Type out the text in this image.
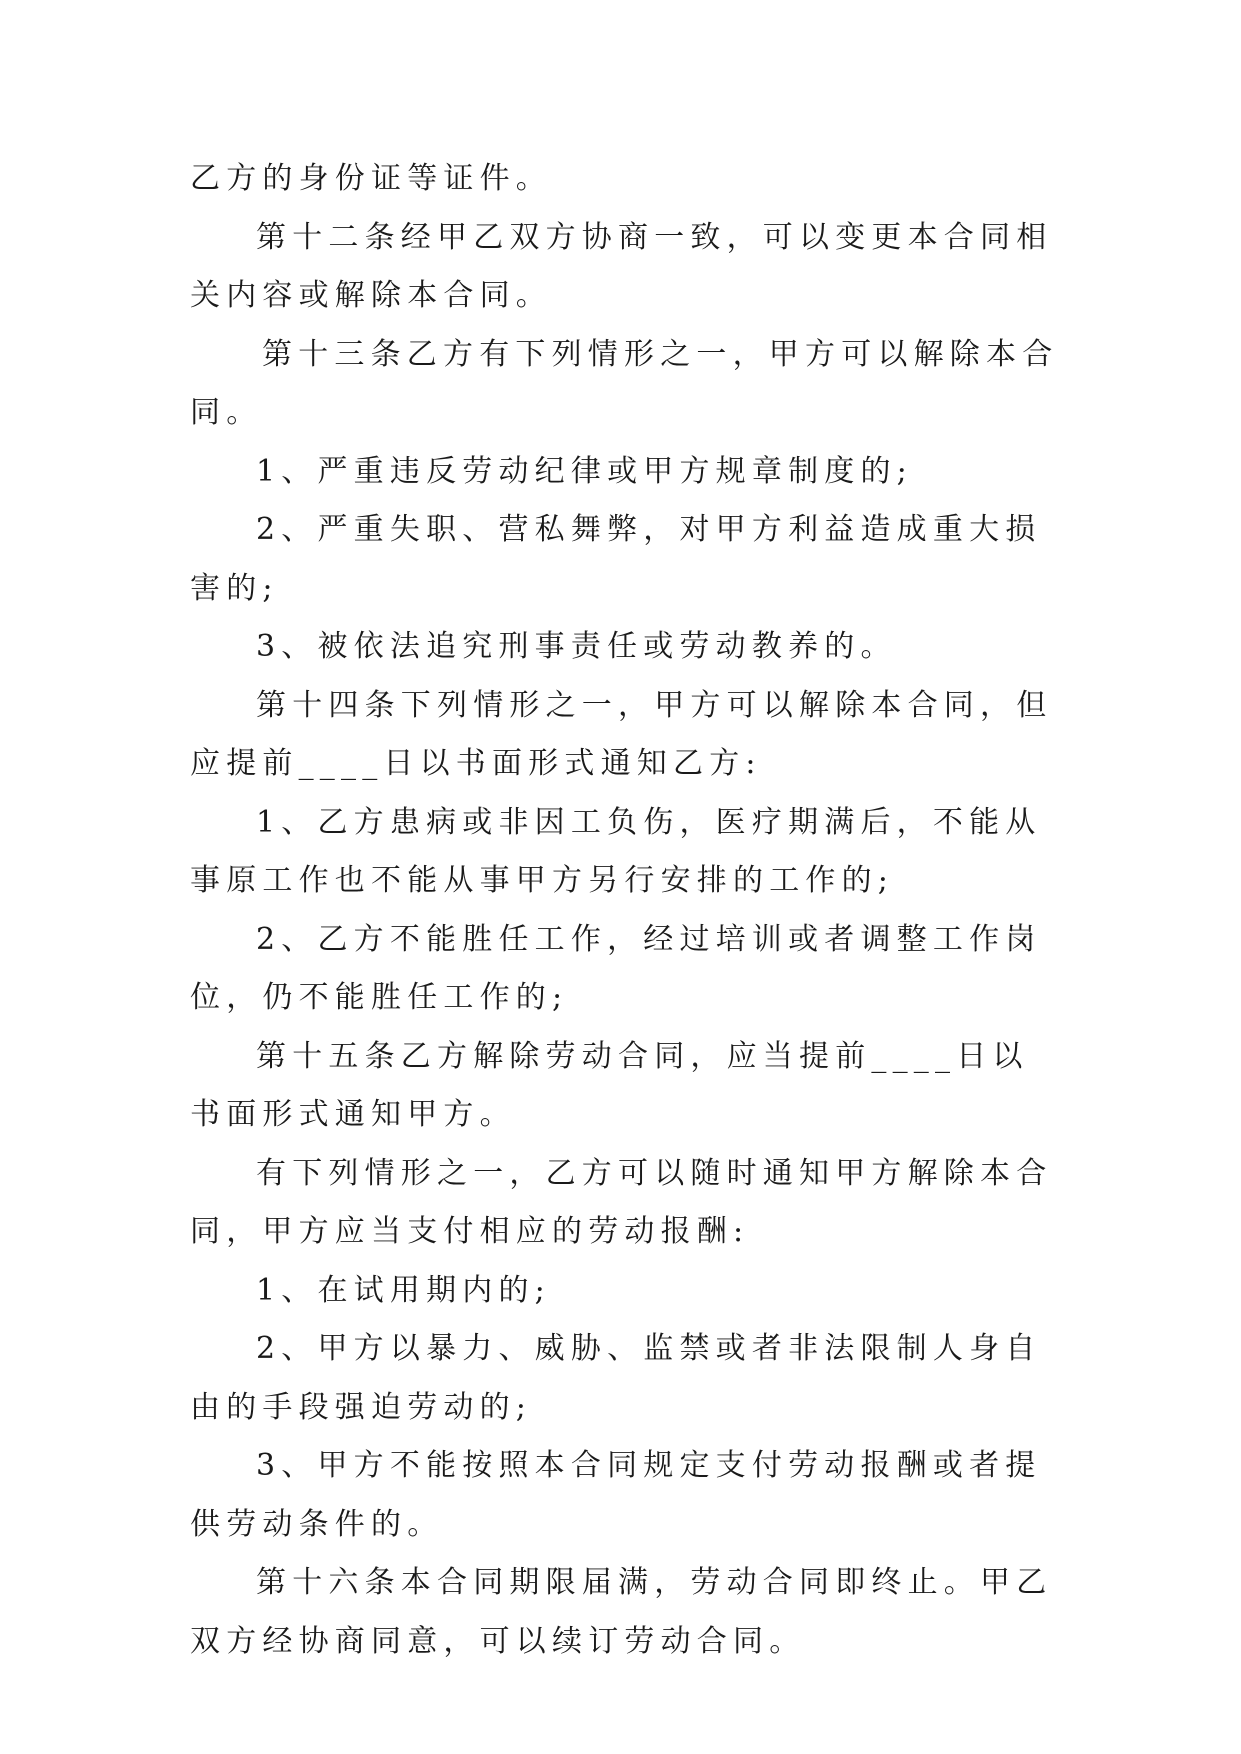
乙方的身份证等证件。

第十二条经甲乙双方协商一致，可以变更本合同相关内容或解除本合同。

第十三条乙方有下列情形之一，甲方可以解除本合同。

1、严重违反劳动纪律或甲方规章制度的;

2、严重失职、营私舞弊，对甲方利益造成重大损害的;

3、被依法追究刑事责任或劳动教养的。

第十四条下列情形之一，甲方可以解除本合同，但应提前____日以书面形式通知乙方:

1、乙方患病或非因工负伤，医疗期满后，不能从事原工作也不能从事甲方另行安排的工作的;

2、乙方不能胜任工作，经过培训或者调整工作岗位，仍不能胜任工作的;

第十五条乙方解除劳动合同，应当提前____日以书面形式通知甲方。

有下列情形之一，乙方可以随时通知甲方解除本合同，甲方应当支付相应的劳动报酬:

1、在试用期内的;

2、甲方以暴力、威胁、监禁或者非法限制人身自由的手段强迫劳动的;

3、甲方不能按照本合同规定支付劳动报酬或者提供劳动条件的。

第十六条本合同期限届满，劳动合同即终止。甲乙双方经协商同意，可以续订劳动合同。
